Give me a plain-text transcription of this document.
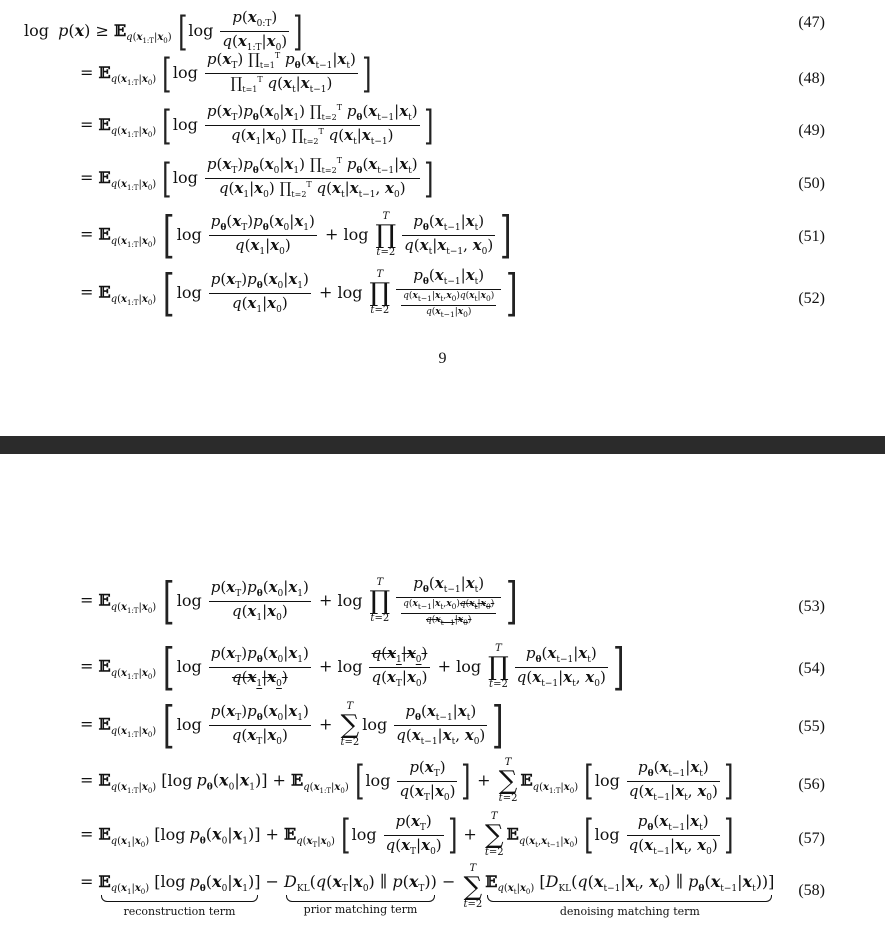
log p(x) ≥ 𝔼$_{q(x_{1:T}|x_0)}$ [$\log \frac{p(x_{0:T})}{q(x_{1:T}|x_0)}$ ]	(47)
= 𝔼$_{q(x_{1:T}|x_0)}$ [$\log \frac{p(x_T) \prod_{t=1}^T p_\theta(x_{t-1}|x_t)}{\prod_{t=1}^T q(x_t|x_{t-1})}$ ]	(48)
= 𝔼$_{q(x_{1:T}|x_0)}$ [$\log \frac{p(x_T)p_\theta(x_0|x_1) \prod_{t=2}^T p_\theta(x_{t-1}|x_t)}{q(x_1|x_0) \prod_{t=2}^T q(x_t|x_{t-1})}$ ]	(49)
= 𝔼$_{q(x_{1:T}|x_0)}$ [$\log \frac{p(x_T)p_\theta(x_0|x_1) \prod_{t=2}^T p_\theta(x_{t-1}|x_t)}{q(x_1|x_0) \prod_{t=2}^T q(x_t|x_{t-1}, x_0)}$ ]	(50)
= 𝔼$_{q(x_{1:T}|x_0)}$ [ $\log \frac{p_\theta(x_T)p_\theta(x_0|x_1)}{q(x_1|x_0)} + \log$
T
∏
$t=2 \frac{p_\theta(x_{t-1}|x_t)}{q(x_t|x_{t-1}, x_0)}$ ]	(51)
= 𝔼$_{q(x_{1:T}|x_0)}$ [ $\log \frac{p(x_T)p_\theta(x_0|x_1)}{q(x_1|x_0)} + \log$
T
∏
$t=2 \frac{p_\theta(x_{t-1}|x_t)}{\frac{q(x_{t-1}|x_t,x_0)q(x_t|x_0)}{q(x_{t-1}|x_0)}}$ ]	(52)
9
= 𝔼$_{q(x_{1:T}|x_0)}$ [ $\log \frac{p(x_T)p_\theta(x_0|x_1)}{q(x_1|x_0)} + \log$
T
∏
$t=2 \frac{p_\theta(x_{t-1}|x_t)}{\frac{q(x_{t-1}|x_t,x_0)q(x_t|x_0)}{q(x_{t-1}|x_0)}}$ ]	(53)
= 𝔼$_{q(x_{1:T}|x_0)}$ [ $\log \frac{p(x_T)p_\theta(x_0|x_1)}{q(x_1|x_0)} + \log \frac{q(x_1|x_0)}{q(x_T|x_0)} + \log$
T
∏
$t=2 \frac{p_\theta(x_{t-1}|x_t)}{q(x_{t-1}|x_t, x_0)}$ ]	(54)
= 𝔼$_{q(x_{1:T}|x_0)}$ [ $\log \frac{p(x_T)p_\theta(x_0|x_1)}{q(x_T|x_0)}$ +
T
∑
t=2
$\log \frac{p_\theta(x_{t-1}|x_t)}{q(x_{t-1}|x_t, x_0)}$ ]	(55)
= 𝔼$_{q(x_{1:T}|x_0)}$ [log $p_\theta(x_0|x_1)$] + 𝔼$_{q(x_{1:T}|x_0)}$ [$\log \frac{p(x_T)}{q(x_T|x_0)}$ ] +
T
∑
t=2
𝔼$_{q(x_{1:T}|x_0)}$ [$\log \frac{p_\theta(x_{t-1}|x_t)}{q(x_{t-1}|x_t, x_0)}$ ]	(56)
= 𝔼$_{q(x_1|x_0)}$ [log $p_\theta(x_0|x_1)$] + 𝔼$_{q(x_T|x_0)}$ [$\log \frac{p(x_T)}{q(x_T|x_0)}$ ] +
T
∑
t=2
𝔼$_{q(x_t,x_{t-1}|x_0)}$ [$\log \frac{p_\theta(x_{t-1}|x_t)}{q(x_{t-1}|x_t, x_0)}$ ]	(57)
= 𝔼$_{q(x_1|x_0)}$ [log $p_\theta(x_0|x_1)$]
reconstruction term
− $D_{KL}(q(x_T|x_0)$ ∥ $p(x_T)$)
prior matching term
−
T
∑
t=2
𝔼$_{q(x_t|x_0)}$ [$D_{KL}(q(x_{t-1}|x_t$, $x_0$) ∥ $p_\theta(x_{t-1}|x_t)$)]
denoising matching term
(58)
